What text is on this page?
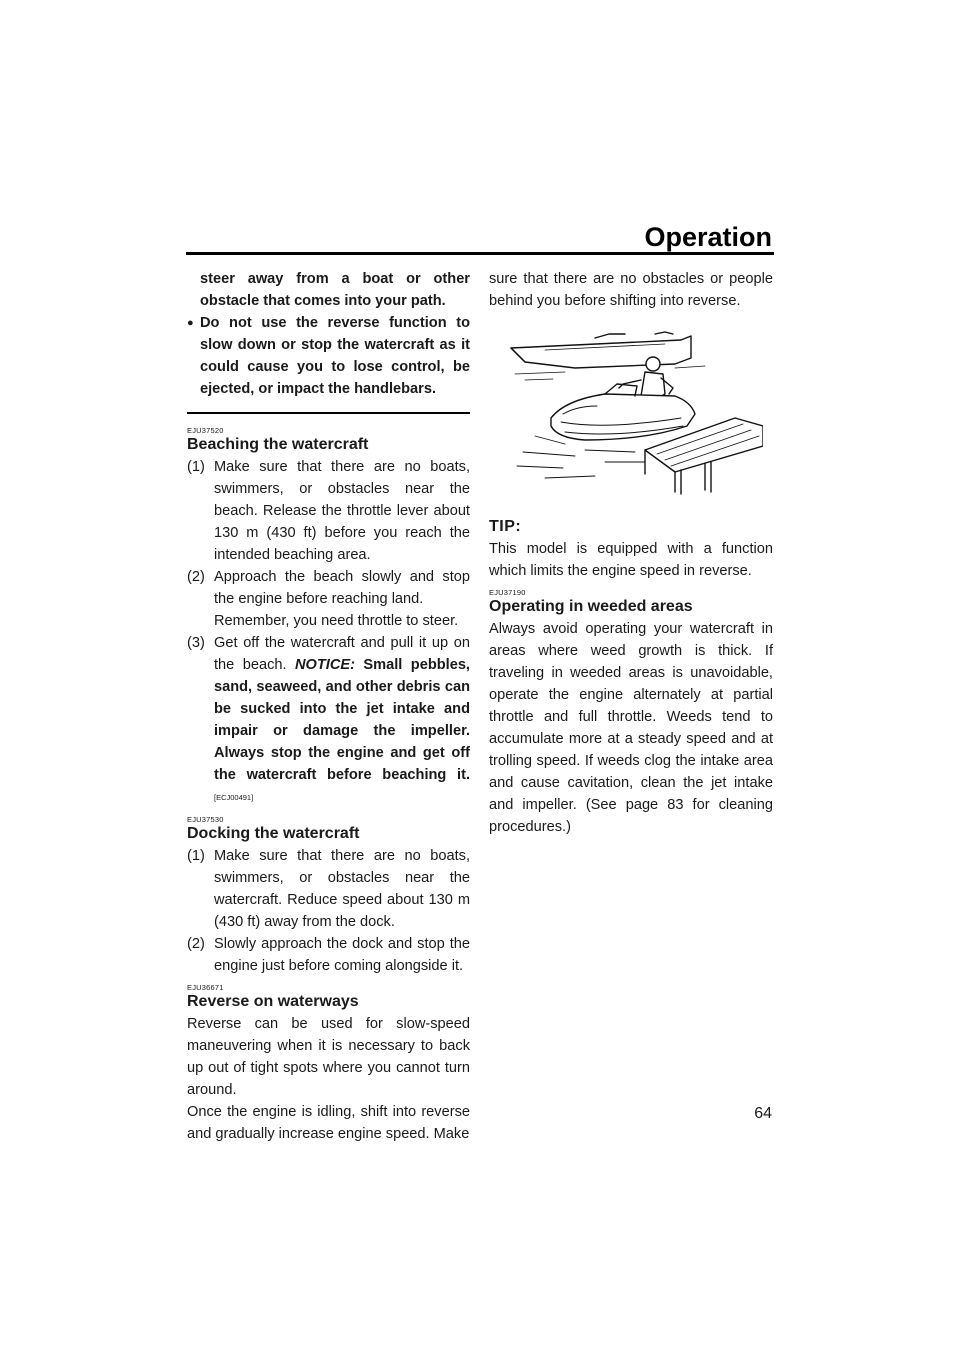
Operation

steer away from a boat or other obstacle that comes into your path.

● Do not use the reverse function to slow down or stop the watercraft as it could cause you to lose control, be ejected, or impact the handlebars.

EJU37520
Beaching the watercraft
(1) Make sure that there are no boats, swimmers, or obstacles near the beach. Release the throttle lever about 130 m (430 ft) before you reach the intended beaching area.
(2) Approach the beach slowly and stop the engine before reaching land.
Remember, you need throttle to steer.
(3) Get off the watercraft and pull it up on the beach. NOTICE: Small pebbles, sand, seaweed, and other debris can be sucked into the jet intake and impair or damage the impeller. Always stop the engine and get off the watercraft before beaching it. [ECJ00491]
EJU37530
Docking the watercraft
(1) Make sure that there are no boats, swimmers, or obstacles near the watercraft. Reduce speed about 130 m (430 ft) away from the dock.
(2) Slowly approach the dock and stop the engine just before coming alongside it.
EJU36671
Reverse on waterways

Reverse can be used for slow-speed maneuvering when it is necessary to back up out of tight spots where you cannot turn around.

Once the engine is idling, shift into reverse and gradually increase engine speed. Make

sure that there are no obstacles or people behind you before shifting into reverse.

TIP:

This model is equipped with a function which limits the engine speed in reverse.

EJU37190
Operating in weeded areas

Always avoid operating your watercraft in areas where weed growth is thick. If traveling in weeded areas is unavoidable, operate the engine alternately at partial throttle and full throttle. Weeds tend to accumulate more at a steady speed and at trolling speed. If weeds clog the intake area and cause cavitation, clean the jet intake and impeller. (See page 83 for cleaning procedures.)

64
